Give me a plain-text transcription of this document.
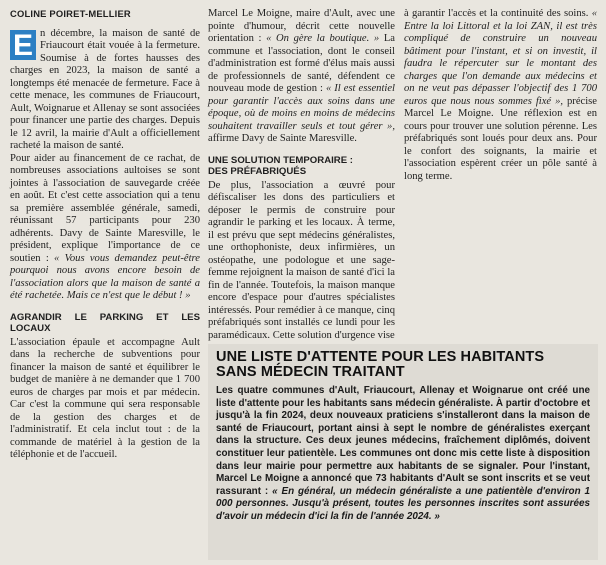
COLINE POIRET-MELLIER

E n décembre, la maison de santé de Friaucourt était vouée à la fermeture. Soumise à de fortes hausses des charges en 2023, la maison de santé a longtemps été menacée de fermeture. Face à cette menace, les communes de Friaucourt, Ault, Woignarue et Allenay se sont associées pour financer une partie des charges. Depuis le 12 avril, la mairie d'Ault a officiellement racheté la maison de santé.

Pour aider au financement de ce rachat, de nombreuses associations aultoises se sont jointes à l'association de sauvegarde créée en août. Et c'est cette association qui a tenu sa première assemblée générale, samedi, réunissant 57 participants pour 230 adhérents. Davy de Sainte Maresville, le président, explique l'importance de ce soutien : « Vous vous demandez peut-être pourquoi nous avons encore besoin de l'association alors que la maison de santé a été rachetée. Mais ce n'est que le début ! »

AGRANDIR LE PARKING ET LES LOCAUX

L'association épaule et accompagne Ault dans la recherche de subventions pour financer la maison de santé et équilibrer le budget de manière à ne demander que 1 700 euros de charges par mois et par médecin. Car c'est la commune qui sera responsable de la gestion des charges et de l'administratif. Et cela inclut tout : de la commande de matériel à la gestion de la téléphonie et de l'accueil.

Marcel Le Moigne, maire d'Ault, avec une pointe d'humour, décrit cette nouvelle orientation : « On gère la boutique. » La commune et l'association, dont le conseil d'administration est formé d'élus mais aussi de professionnels de santé, défendent ce nouveau mode de gestion : « Il est essentiel pour garantir l'accès aux soins dans une époque, où de moins en moins de médecins souhaitent travailler seuls et tout gérer », affirme Davy de Sainte Maresville.

UNE SOLUTION TEMPORAIRE :
DES PRÉFABRIQUÉS

De plus, l'association a œuvré pour défiscaliser les dons des particuliers et déposer le permis de construire pour agrandir le parking et les locaux. À terme, il est prévu que sept médecins généralistes, une orthophoniste, deux infirmières, un ostéopathe, une podologue et une sage-femme rejoignent la maison de santé d'ici la fin de l'année. Toutefois, la maison manque encore d'espace pour d'autres spécialistes intéressés. Pour remédier à ce manque, cinq préfabriqués sont installés ce lundi pour les paramédicaux. Cette solution d'urgence vise

à garantir l'accès et la continuité des soins. « Entre la loi Littoral et la loi ZAN, il est très compliqué de construire un nouveau bâtiment pour l'instant, et si on investit, il faudra le répercuter sur le montant des charges que l'on demande aux médecins et on ne veut pas dépasser l'objectif des 1 700 euros que nous nous sommes fixé », précise Marcel Le Moigne. Une réflexion est en cours pour trouver une solution pérenne. Les préfabriqués sont loués pour deux ans. Pour le confort des soignants, la mairie et l'association espèrent créer un pôle santé à long terme.

UNE LISTE D'ATTENTE POUR LES HABITANTS
SANS MÉDECIN TRAITANT
Les quatre communes d'Ault, Friaucourt, Allenay et Woignarue ont créé une liste d'attente pour les habitants sans médecin généraliste. À partir d'octobre et jusqu'à la fin 2024, deux nouveaux praticiens s'installeront dans la maison de santé de Friaucourt, portant ainsi à sept le nombre de généralistes exerçant dans la structure. Ces deux jeunes médecins, fraîchement diplômés, doivent constituer leur patientèle. Les communes ont donc mis cette liste à disposition dans leur mairie pour permettre aux habitants de se signaler. Pour l'instant, Marcel Le Moigne a annoncé que 73 habitants d'Ault se sont inscrits et se veut rassurant : « En général, un médecin généraliste a une patientèle d'environ 1 000 personnes. Jusqu'à présent, toutes les personnes inscrites sont assurées d'avoir un médecin d'ici la fin de l'année 2024. »
